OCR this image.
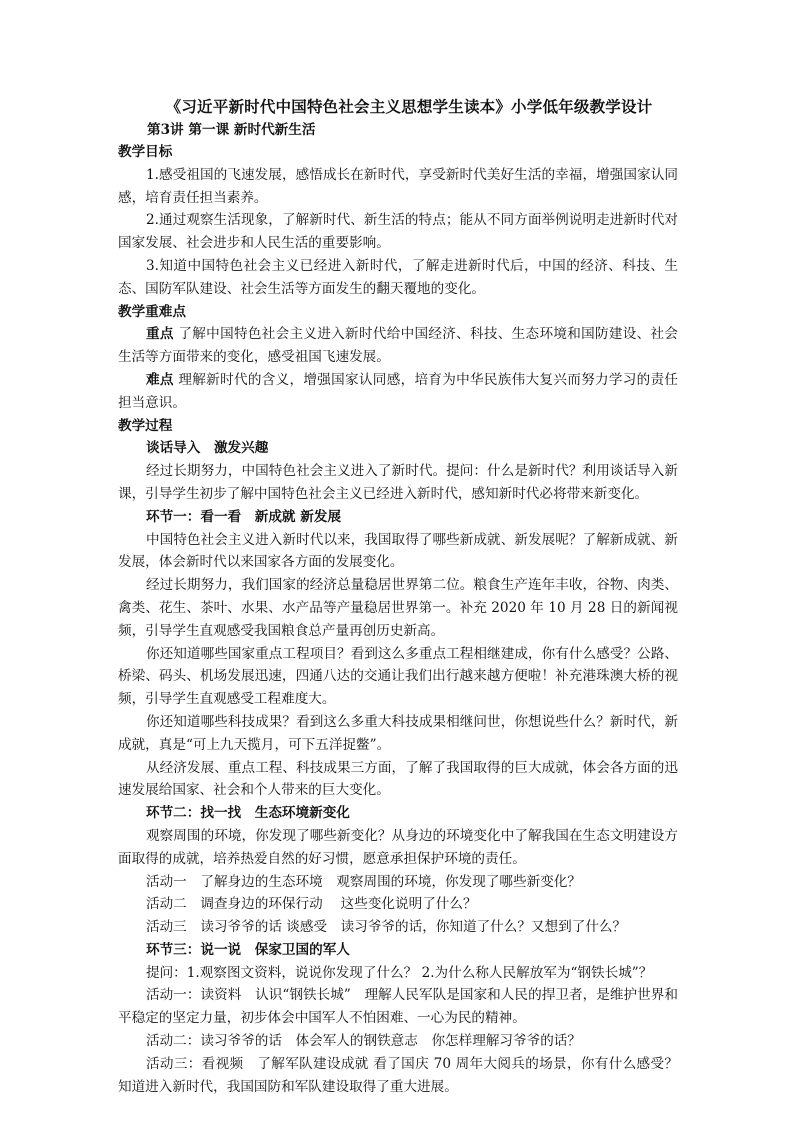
《习近平新时代中国特色社会主义思想学生读本》小学低年级教学设计
第3讲 第一课 新时代新生活
教学目标

1.感受祖国的飞速发展，感悟成长在新时代，享受新时代美好生活的幸福，增强国家认同感，培育责任担当素养。

2.通过观察生活现象，了解新时代、新生活的特点；能从不同方面举例说明走进新时代对国家发展、社会进步和人民生活的重要影响。

3.知道中国特色社会主义已经进入新时代，了解走进新时代后，中国的经济、科技、生态、国防军队建设、社会生活等方面发生的翻天覆地的变化。

教学重难点

重点 了解中国特色社会主义进入新时代给中国经济、科技、生态环境和国防建设、社会生活等方面带来的变化，感受祖国飞速发展。

难点 理解新时代的含义，增强国家认同感，培育为中华民族伟大复兴而努力学习的责任担当意识。

教学过程
谈话导入　激发兴趣

经过长期努力，中国特色社会主义进入了新时代。提问：什么是新时代？利用谈话导入新课，引导学生初步了解中国特色社会主义已经进入新时代，感知新时代必将带来新变化。

环节一：看一看　新成就 新发展

中国特色社会主义进入新时代以来，我国取得了哪些新成就、新发展呢？了解新成就、新发展，体会新时代以来国家各方面的发展变化。

经过长期努力，我们国家的经济总量稳居世界第二位。粮食生产连年丰收，谷物、肉类、禽类、花生、茶叶、水果、水产品等产量稳居世界第一。补充 2020 年 10 月 28 日的新闻视频，引导学生直观感受我国粮食总产量再创历史新高。

你还知道哪些国家重点工程项目？看到这么多重点工程相继建成，你有什么感受？公路、桥梁、码头、机场发展迅速，四通八达的交通让我们出行越来越方便啦！补充港珠澳大桥的视频，引导学生直观感受工程难度大。

你还知道哪些科技成果？看到这么多重大科技成果相继问世，你想说些什么？新时代，新成就，真是“可上九天揽月，可下五洋捉鳖”。

从经济发展、重点工程、科技成果三方面，了解了我国取得的巨大成就，体会各方面的迅速发展给国家、社会和个人带来的巨大变化。

环节二：找一找　生态环境新变化

观察周围的环境，你发现了哪些新变化？从身边的环境变化中了解我国在生态文明建设方面取得的成就，培养热爱自然的好习惯，愿意承担保护环境的责任。

活动一　了解身边的生态环境　观察周围的环境，你发现了哪些新变化？

活动二　调查身边的环保行动　 这些变化说明了什么？

活动三　读习爷爷的话 谈感受　读习爷爷的话，你知道了什么？又想到了什么？

环节三：说一说　保家卫国的军人

提问：1.观察图文资料，说说你发现了什么？ 2.为什么称人民解放军为“钢铁长城”？

活动一：读资料　认识“钢铁长城”　理解人民军队是国家和人民的捍卫者，是维护世界和平稳定的坚定力量，初步体会中国军人不怕困难、一心为民的精神。

活动二：读习爷爷的话　体会军人的钢铁意志　你怎样理解习爷爷的话？

活动三：看视频　了解军队建设成就 看了国庆 70 周年大阅兵的场景，你有什么感受？知道进入新时代，我国国防和军队建设取得了重大进展。
